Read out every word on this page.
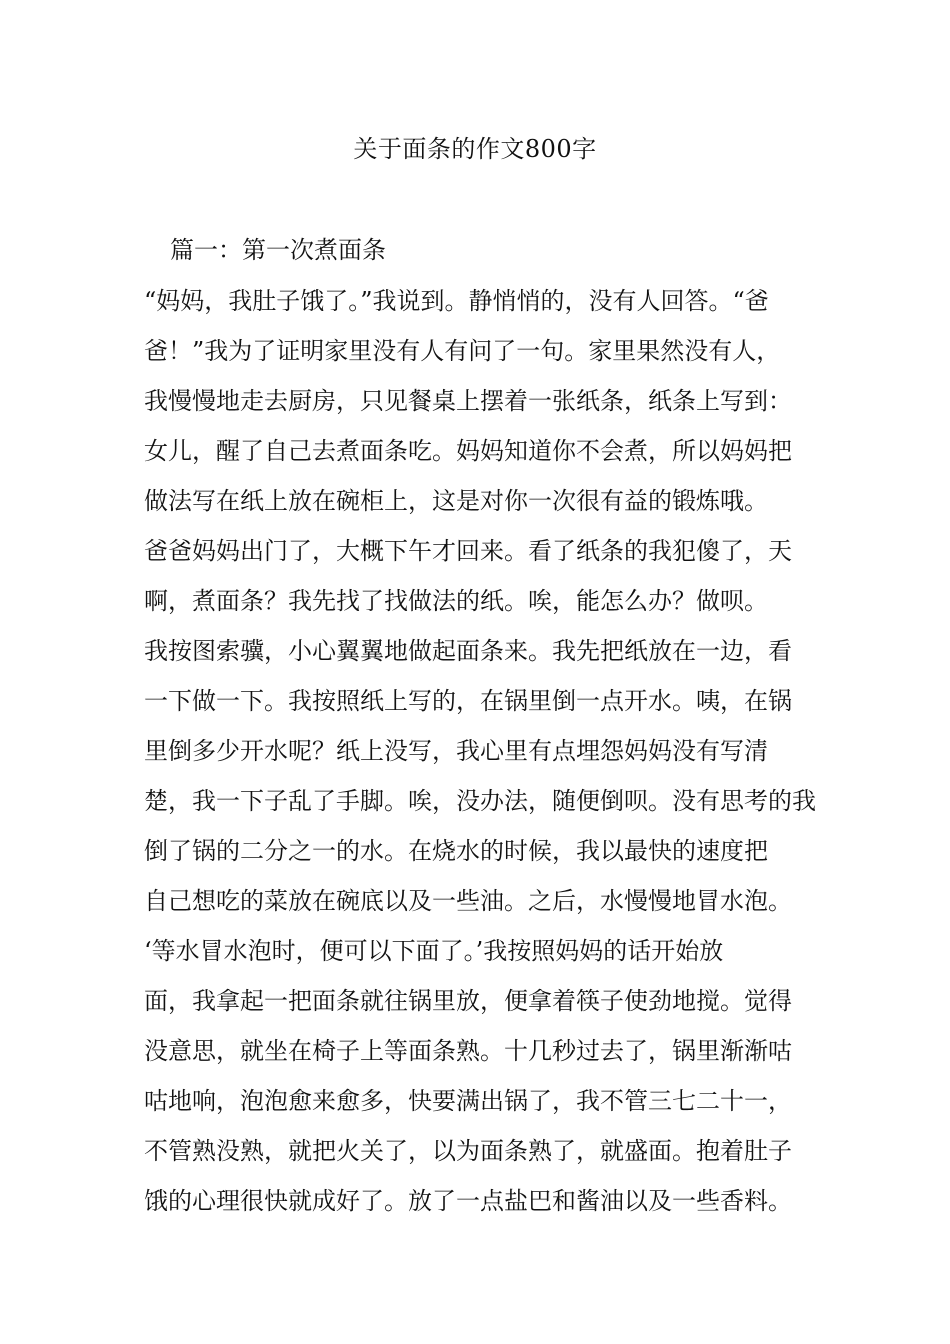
关于面条的作文800字
篇一：第一次煮面条
“妈妈，我肚子饿了。”我说到。静悄悄的，没有人回答。“爸
爸！”我为了证明家里没有人有问了一句。家里果然没有人，
我慢慢地走去厨房，只见餐桌上摆着一张纸条，纸条上写到：
女儿，醒了自己去煮面条吃。妈妈知道你不会煮，所以妈妈把
做法写在纸上放在碗柜上，这是对你一次很有益的锻炼哦。
爸爸妈妈出门了，大概下午才回来。看了纸条的我犯傻了，天
啊，煮面条？我先找了找做法的纸。唉，能怎么办？做呗。
我按图索骥，小心翼翼地做起面条来。我先把纸放在一边，看
一下做一下。我按照纸上写的，在锅里倒一点开水。咦，在锅
里倒多少开水呢？纸上没写，我心里有点埋怨妈妈没有写清
楚，我一下子乱了手脚。唉，没办法，随便倒呗。没有思考的我
倒了锅的二分之一的水。在烧水的时候，我以最快的速度把
自己想吃的菜放在碗底以及一些油。之后，水慢慢地冒水泡。
‘等水冒水泡时，便可以下面了。’我按照妈妈的话开始放
面，我拿起一把面条就往锅里放，便拿着筷子使劲地搅。觉得
没意思，就坐在椅子上等面条熟。十几秒过去了，锅里渐渐咕
咕地响，泡泡愈来愈多，快要满出锅了，我不管三七二十一，
不管熟没熟，就把火关了，以为面条熟了，就盛面。抱着肚子
饿的心理很快就成好了。放了一点盐巴和酱油以及一些香料。
